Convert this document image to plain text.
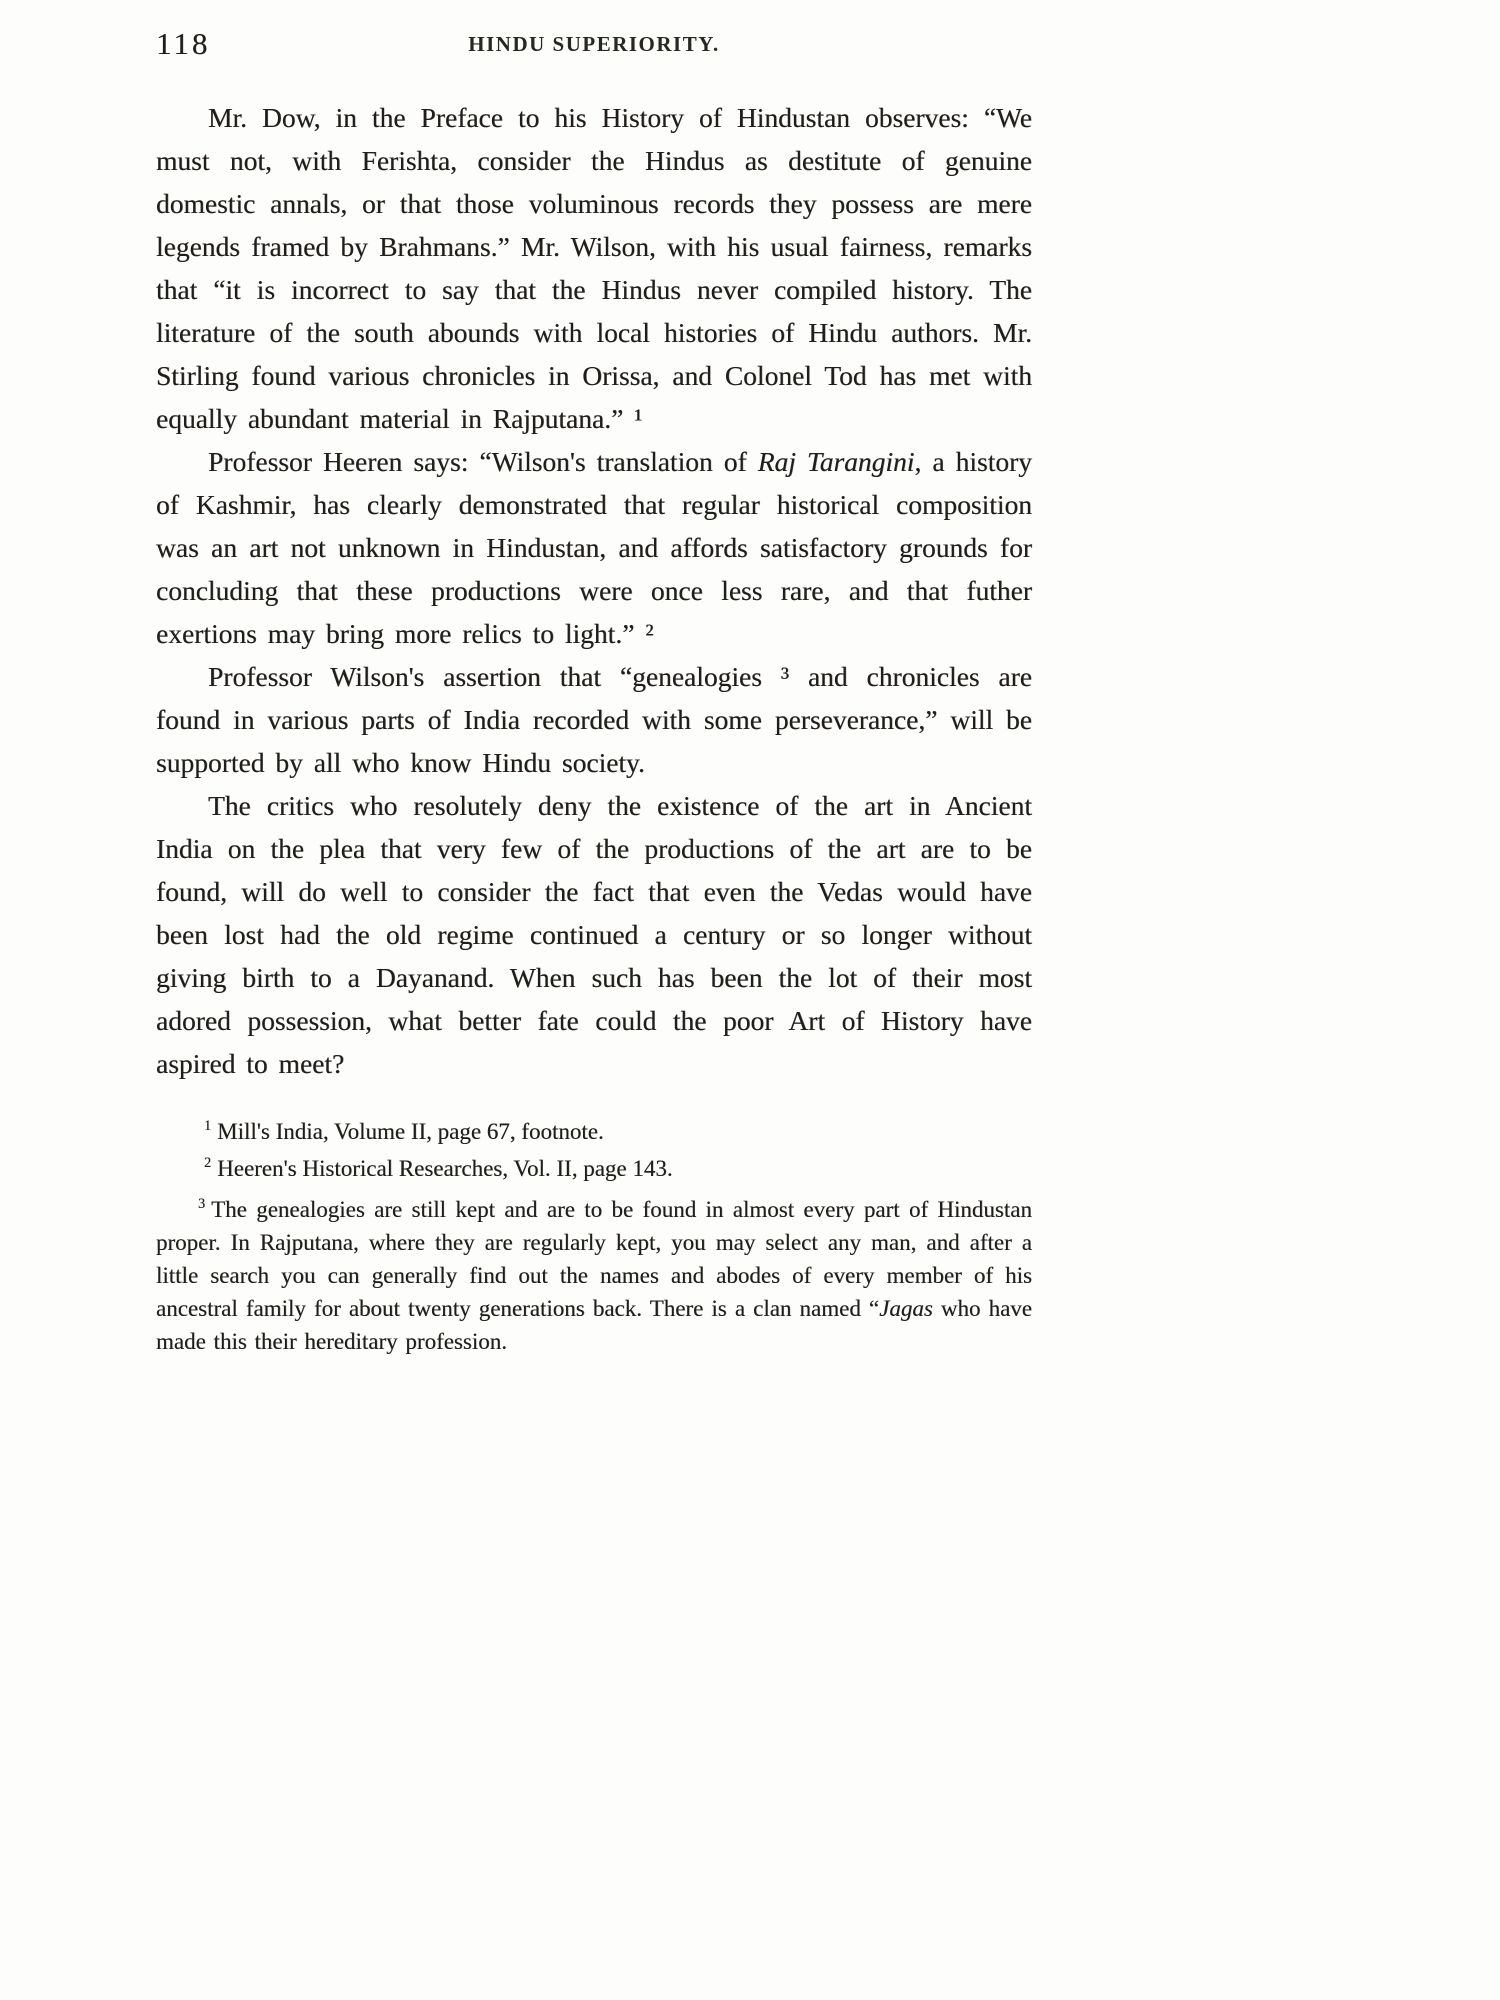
118	HINDU SUPERIORITY.

Mr. Dow, in the Preface to his History of Hindustan observes: “We must not, with Ferishta, consider the Hindus as destitute of genuine domestic annals, or that those voluminous records they possess are mere legends framed by Brahmans.” Mr. Wilson, with his usual fairness, remarks that “it is incorrect to say that the Hindus never compiled history. The literature of the south abounds with local histories of Hindu authors. Mr. Stirling found various chronicles in Orissa, and Colonel Tod has met with equally abundant material in Rajputana.” ¹

Professor Heeren says: “Wilson's translation of Raj Tarangini, a history of Kashmir, has clearly demonstrated that regular historical composition was an art not unknown in Hindustan, and affords satisfactory grounds for concluding that these productions were once less rare, and that futher exertions may bring more relics to light.” ²

Professor Wilson's assertion that “genealogies ³ and chronicles are found in various parts of India recorded with some perseverance,” will be supported by all who know Hindu society.

The critics who resolutely deny the existence of the art in Ancient India on the plea that very few of the productions of the art are to be found, will do well to consider the fact that even the Vedas would have been lost had the old regime continued a century or so longer without giving birth to a Dayanand. When such has been the lot of their most adored possession, what better fate could the poor Art of History have aspired to meet?

$^1$ Mill's India, Volume II, page 67, footnote.

$^2$ Heeren's Historical Researches, Vol. II, page 143.

$^3$ The genealogies are still kept and are to be found in almost every part of Hindustan proper. In Rajputana, where they are regularly kept, you may select any man, and after a little search you can generally find out the names and abodes of every member of his ancestral family for about twenty generations back. There is a clan named “Jagas who have made this their hereditary profession.
